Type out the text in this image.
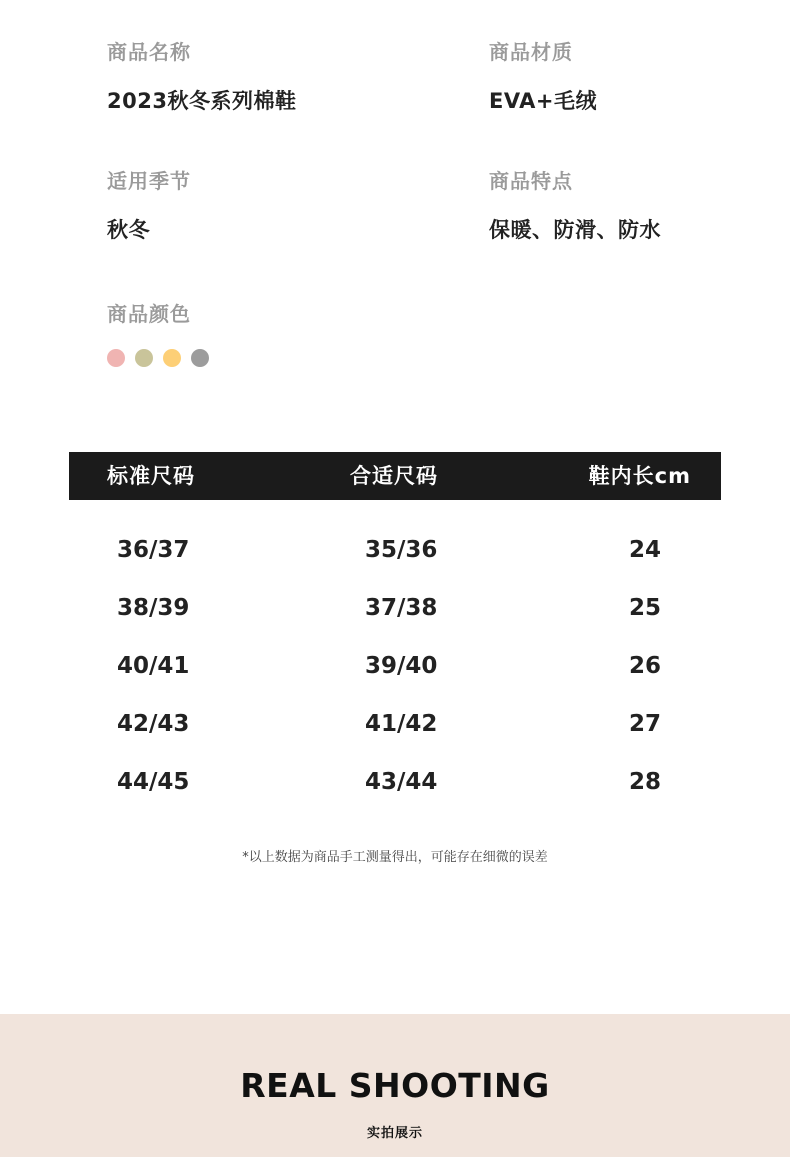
商品名称
2023秋冬系列棉鞋
商品材质
EVA+毛绒
适用季节
秋冬
商品特点
保暖、防滑、防水
商品颜色
标准尺码	合适尺码	鞋内长cm
36/37	35/36	24
38/39	37/38	25
40/41	39/40	26
42/43	41/42	27
44/45	43/44	28
*以上数据为商品手工测量得出，可能存在细微的误差
REAL SHOOTING
实拍展示
